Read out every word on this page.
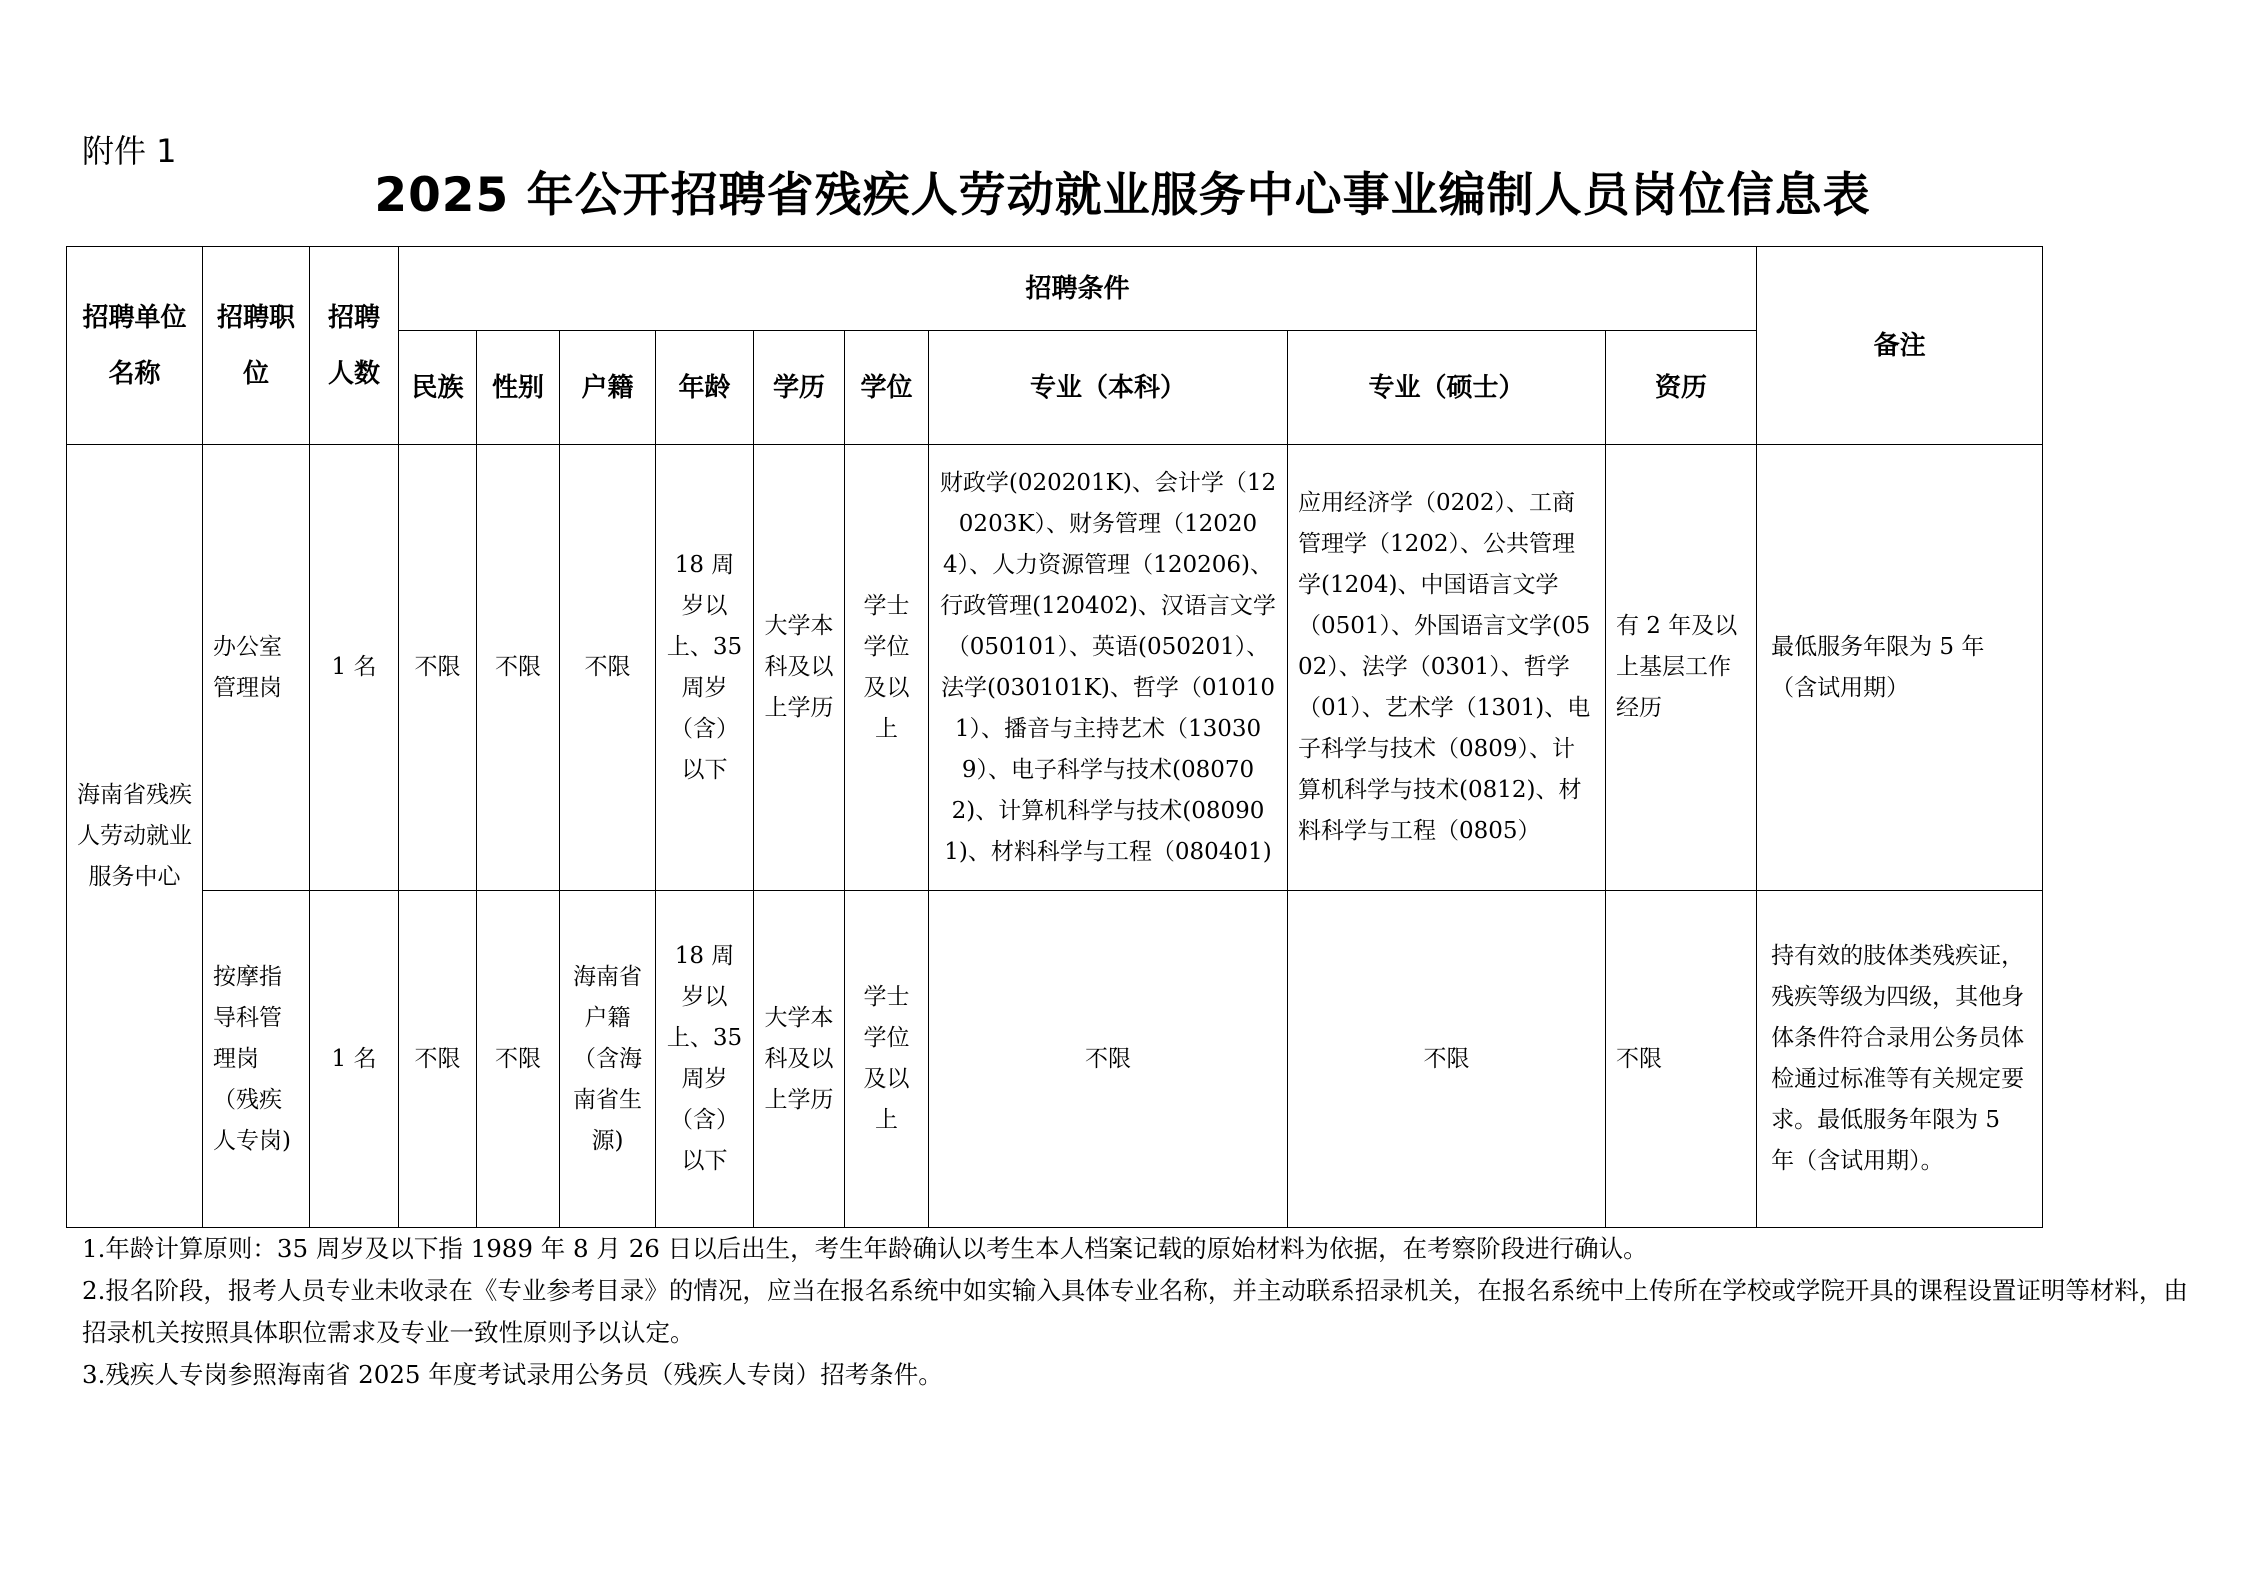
附件 1
2025 年公开招聘省残疾人劳动就业服务中心事业编制人员岗位信息表
招聘单位名称	招聘职位	招聘人数	招聘条件									备注
			民族	性别	户籍	年龄	学历	学位	专业（本科）	专业（硕士）	资历	
海南省残疾人劳动就业服务中心	办公室管理岗	1 名	不限	不限	不限	18 周岁以上、35 周岁（含）以下	大学本科及以上学历	学士学位及以上	财政学(020201K)、会计学（120203K）、财务管理（120204）、人力资源管理（120206)、行政管理(120402)、汉语言文学（050101）、英语(050201）、法学(030101K)、哲学（010101）、播音与主持艺术（130309）、电子科学与技术(080702)、计算机科学与技术(080901)、材料科学与工程（080401)	应用经济学（0202）、工商管理学（1202）、公共管理学(1204)、中国语言文学（0501）、外国语言文学(0502）、法学（0301）、哲学（01）、艺术学（1301)、电子科学与技术（0809）、计算机科学与技术(0812)、材料科学与工程（0805）	有 2 年及以上基层工作经历	最低服务年限为 5 年（含试用期）
	按摩指导科管理岗（残疾人专岗)	1 名	不限	不限	海南省户籍（含海南省生源)	18 周岁以上、35 周岁（含）以下	大学本科及以上学历	学士学位及以上	不限	不限	不限	持有效的肢体类残疾证，残疾等级为四级，其他身体条件符合录用公务员体检通过标准等有关规定要求。最低服务年限为 5 年（含试用期）。

1.年龄计算原则：35 周岁及以下指 1989 年 8 月 26 日以后出生，考生年龄确认以考生本人档案记载的原始材料为依据，在考察阶段进行确认。

2.报名阶段，报考人员专业未收录在《专业参考目录》的情况，应当在报名系统中如实输入具体专业名称，并主动联系招录机关，在报名系统中上传所在学校或学院开具的课程设置证明等材料，由招录机关按照具体职位需求及专业一致性原则予以认定。

3.残疾人专岗参照海南省 2025 年度考试录用公务员（残疾人专岗）招考条件。
